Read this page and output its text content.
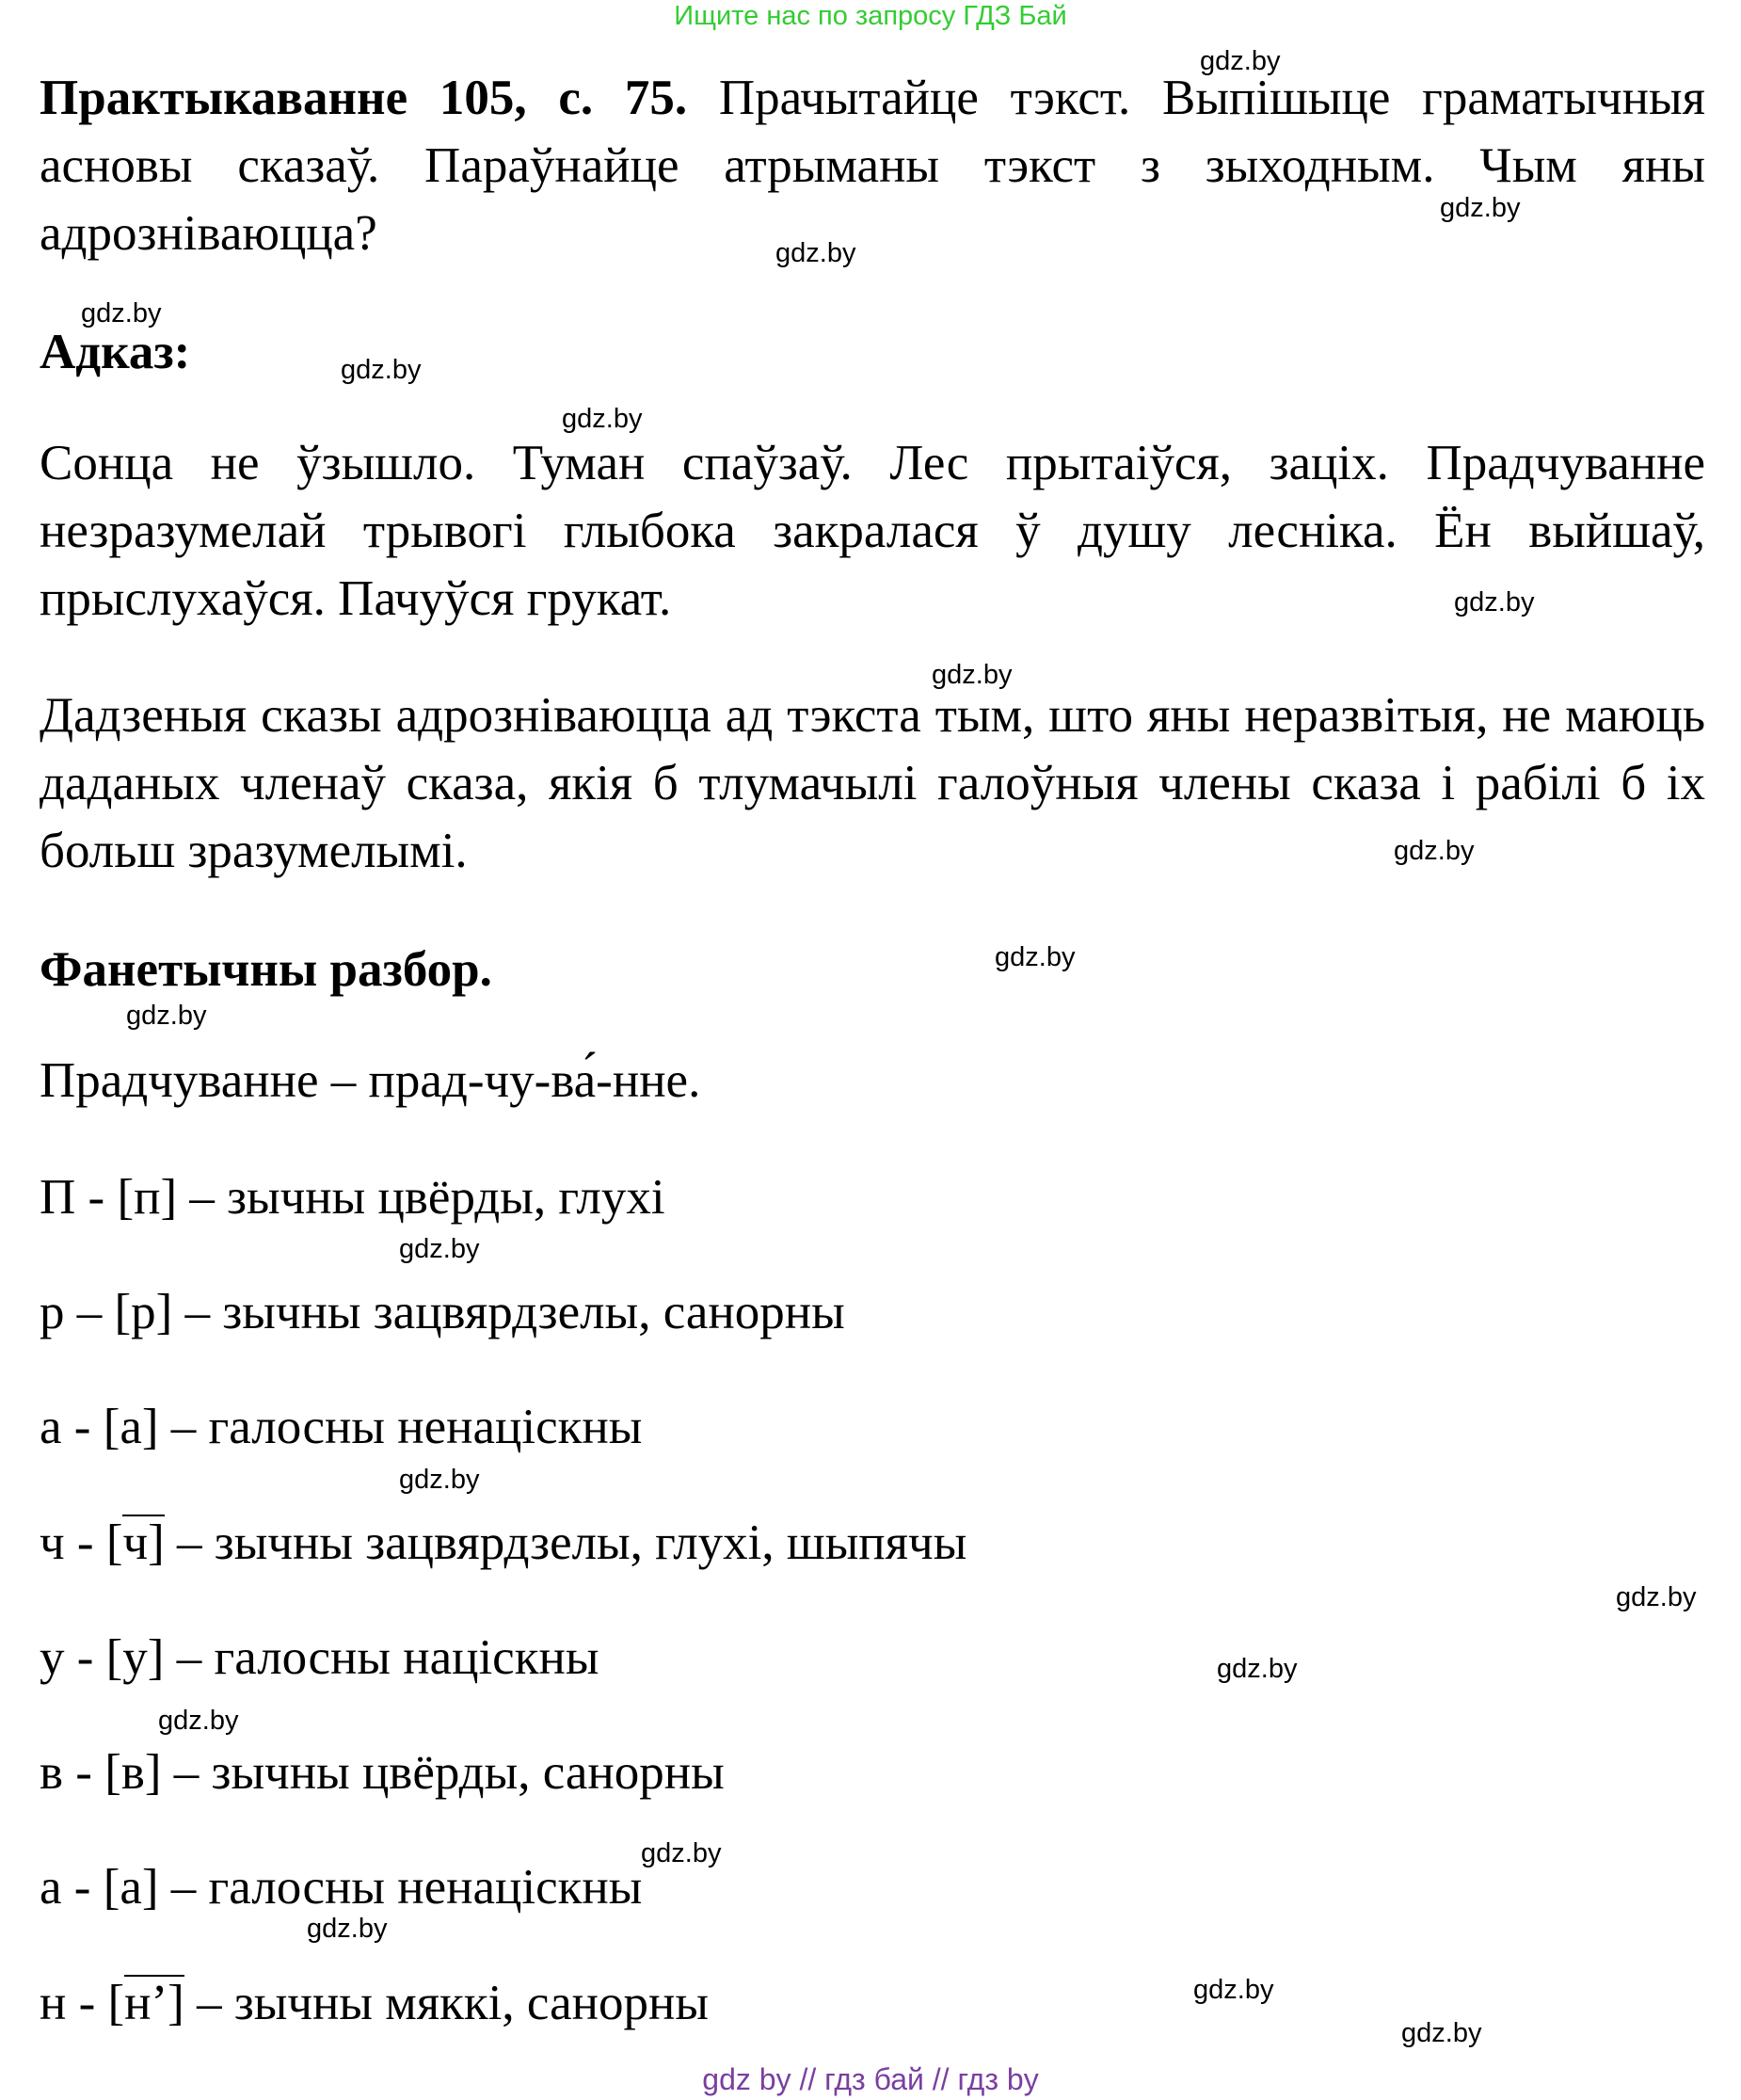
Ищите нас по запросу ГДЗ Бай
Практыкаванне 105, с. 75. Прачытайце тэкст. Выпішыце граматычныя асновы сказаў. Параўнайце атрыманы тэкст з зыходным. Чым яны адрозніваюцца?
Адказ:
Сонца не ўзышло. Туман спаўзаў. Лес прытаіўся, заціх. Прадчуванне незразумелай трывогі глыбока закралася ў душу лесніка. Ён выйшаў, прыслухаўся. Пачуўся грукат.
Дадзеныя сказы адрозніваюцца ад тэкста тым, што яны неразвітыя, не маюць даданых членаў сказа, якія б тлумачылі галоўныя члены сказа і рабілі б іх больш зразумелымі.
Фанетычны разбор.
Прадчуванне – прад-чу-ва́-нне.
П - [п] – зычны цвёрды, глухі
р – [р] – зычны зацвярдзелы, санорны
а - [а] – галосны ненаціскны
ч - [ч] – зычны зацвярдзелы, глухі, шыпячы
у - [у] – галосны націскны
в - [в] – зычны цвёрды, санорны
а - [а] – галосны ненаціскны
н - [н’] – зычны мяккі, санорны
gdz.by
gdz.by
gdz.by
gdz.by
gdz.by
gdz.by
gdz.by
gdz.by
gdz.by
gdz.by
gdz.by
gdz.by
gdz.by
gdz.by
gdz.by
gdz.by
gdz.by
gdz.by
gdz.by
gdz.by
gdz by // гдз бай // гдз by
